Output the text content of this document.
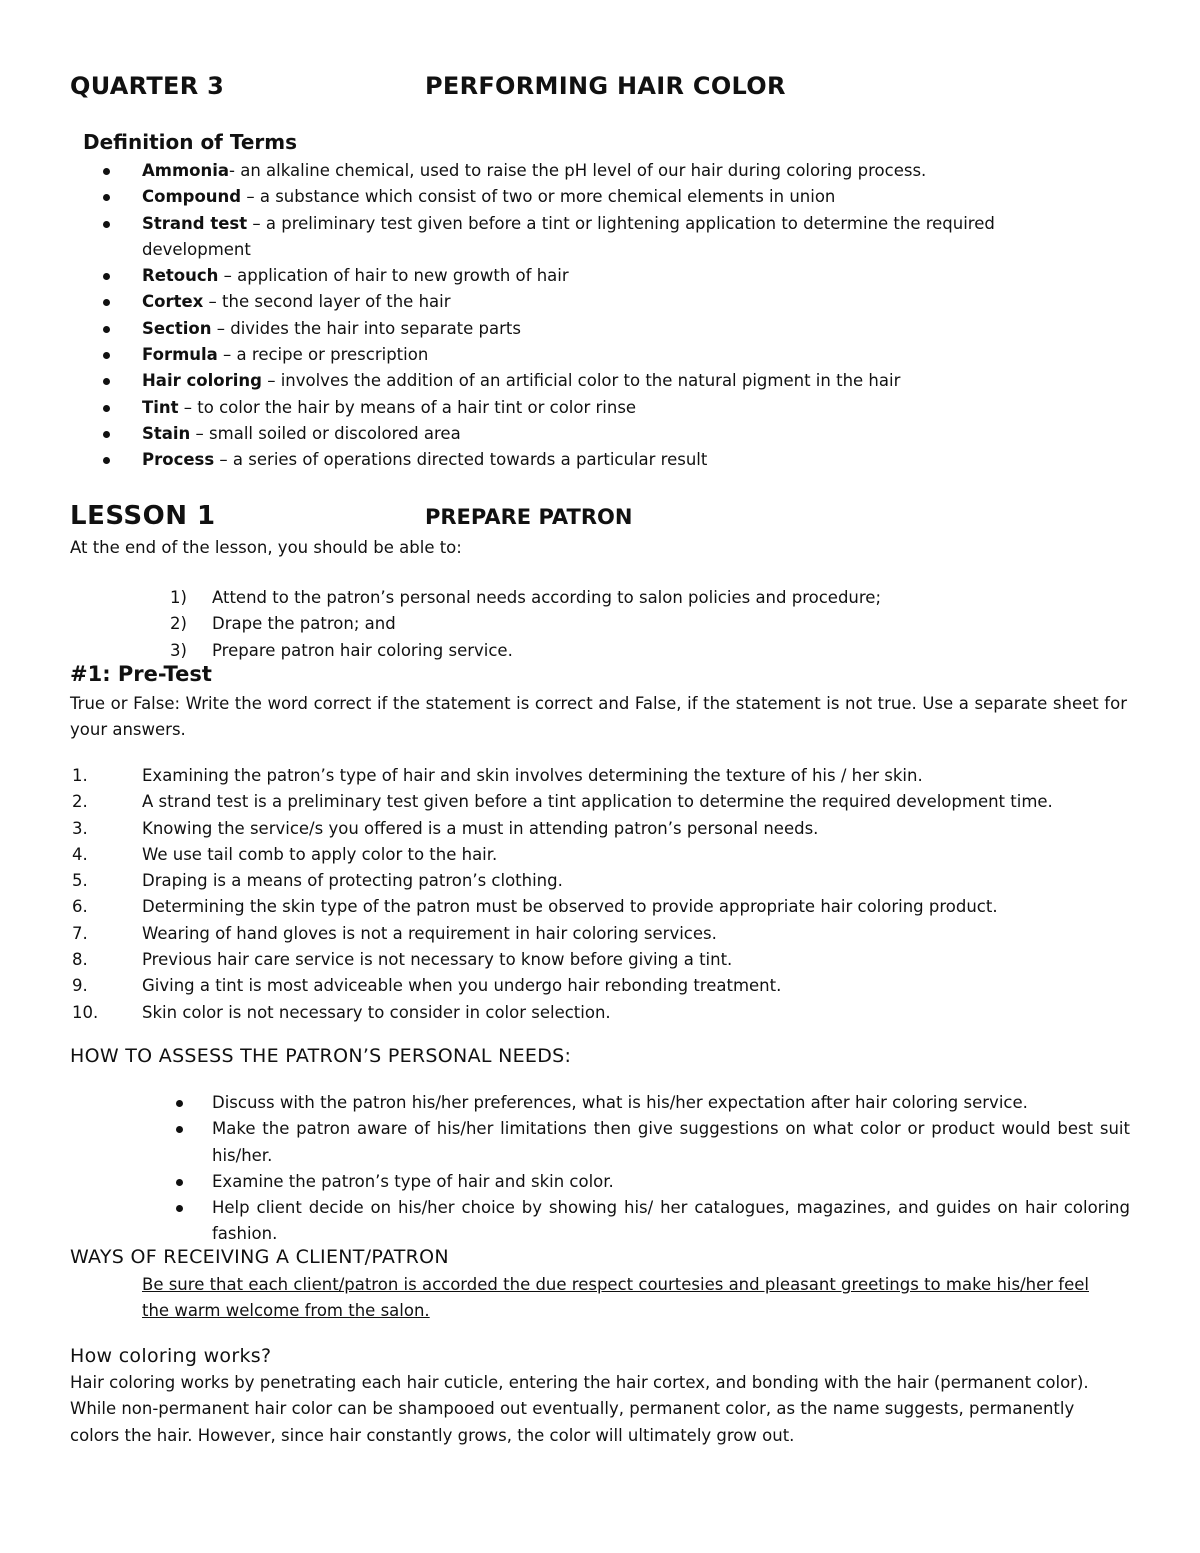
QUARTER 3	PERFORMING HAIR COLOR
Definition of Terms
Ammonia- an alkaline chemical, used to raise the pH level of our hair during coloring process.
Compound – a substance which consist of two or more chemical elements in union
Strand test – a preliminary test given before a tint or lightening application to determine the required development
Retouch – application of hair to new growth of hair
Cortex – the second layer of the hair
Section – divides the hair into separate parts
Formula – a recipe or prescription
Hair coloring – involves the addition of an artificial color to the natural pigment in the hair
Tint – to color the hair by means of a hair tint or color rinse
Stain – small soiled or discolored area
Process – a series of operations directed towards a particular result
LESSON 1	PREPARE PATRON
At the end of the lesson, you should be able to:
1) Attend to the patron’s personal needs according to salon policies and procedure;
2) Drape the patron; and
3) Prepare patron hair coloring service.
#1: Pre-Test
True or False: Write the word correct if the statement is correct and False, if the statement is not true. Use a separate sheet for your answers.
1.	Examining the patron’s type of hair and skin involves determining the texture of his / her skin.
2.	A strand test is a preliminary test given before a tint application to determine the required development time.
3.	Knowing the service/s you offered is a must in attending patron’s personal needs.
4.	We use tail comb to apply color to the hair.
5.	Draping is a means of protecting patron’s clothing.
6.	Determining the skin type of the patron must be observed to provide appropriate hair coloring product.
7.	Wearing of hand gloves is not a requirement in hair coloring services.
8.	Previous hair care service is not necessary to know before giving a tint.
9.	Giving a tint is most adviceable when you undergo hair rebonding treatment.
10.	Skin color is not necessary to consider in color selection.
HOW TO ASSESS THE PATRON’S PERSONAL NEEDS:
Discuss with the patron his/her preferences, what is his/her expectation after hair coloring service.
Make the patron aware of his/her limitations then give suggestions on what color or product would best suit his/her.
Examine the patron’s type of hair and skin color.
Help client decide on his/her choice by showing his/ her catalogues, magazines, and guides on hair coloring fashion.
WAYS OF RECEIVING A CLIENT/PATRON
Be sure that each client/patron is accorded the due respect courtesies and pleasant greetings to make his/her feel the warm welcome from the salon.
How coloring works?
Hair coloring works by penetrating each hair cuticle, entering the hair cortex, and bonding with the hair (permanent color). While non-permanent hair color can be shampooed out eventually, permanent color, as the name suggests, permanently colors the hair. However, since hair constantly grows, the color will ultimately grow out.
